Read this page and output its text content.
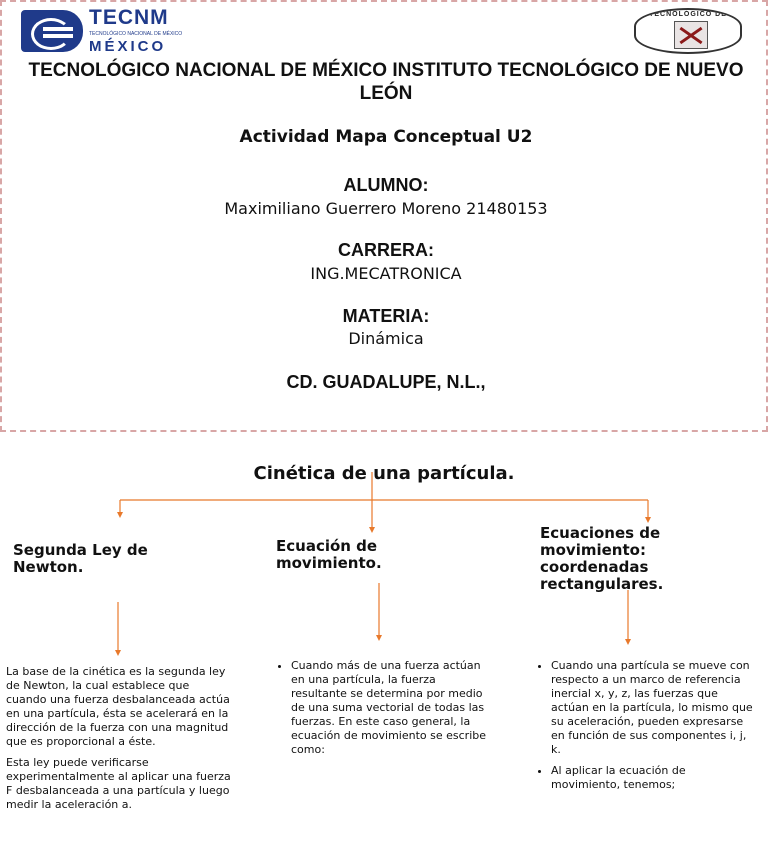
TECNM
TECNOLÓGICO NACIONAL DE MÉXICO
MÉXICO
TECNOLÓGICO DE
TECNOLÓGICO NACIONAL DE MÉXICO INSTITUTO TECNOLÓGICO DE NUEVO LEÓN
Actividad Mapa Conceptual U2
ALUMNO:
Maximiliano Guerrero Moreno 21480153
CARRERA:
ING.MECATRONICA
MATERIA:
Dinámica
CD. GUADALUPE, N.L.,
Cinética de una partícula.
Segunda Ley de Newton.
Ecuación de movimiento.
Ecuaciones de movimiento: coordenadas rectangulares.

La base de la cinética es la segunda ley de Newton, la cual establece que cuando una fuerza desbalanceada actúa en una partícula, ésta se acelerará en la dirección de la fuerza con una magnitud que es proporcional a éste.

Esta ley puede verificarse experimentalmente al aplicar una fuerza F desbalanceada a una partícula y luego medir la aceleración a.

• Cuando más de una fuerza actúan en una partícula, la fuerza resultante se determina por medio de una suma vectorial de todas las fuerzas. En este caso general, la ecuación de movimiento se escribe como:
• Cuando una partícula se mueve con respecto a un marco de referencia inercial x, y, z, las fuerzas que actúan en la partícula, lo mismo que su aceleración, pueden expresarse en función de sus componentes i, j, k.
• Al aplicar la ecuación de movimiento, tenemos;
